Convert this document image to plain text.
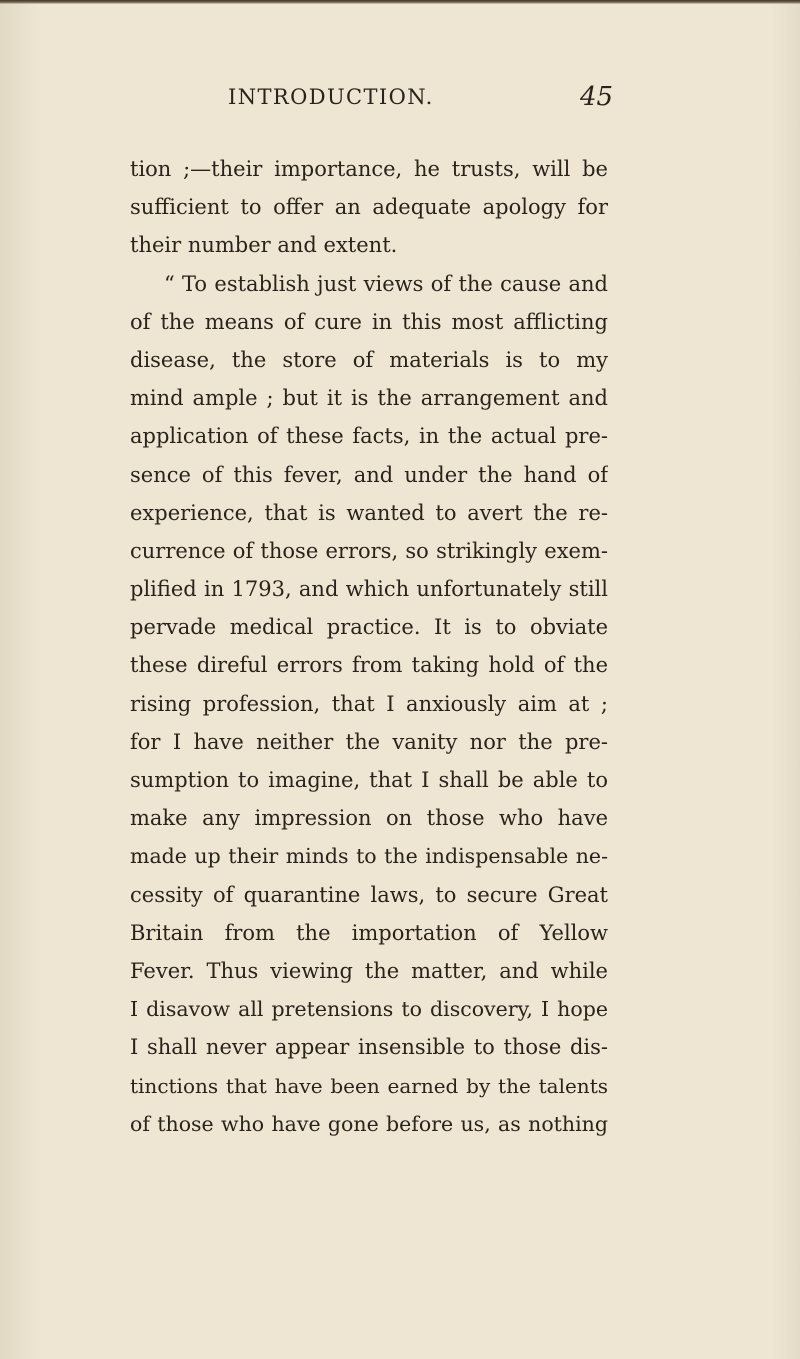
INTRODUCTION.	45
tion ;—their importance, he trusts, will be
sufficient to offer an adequate apology for
their number and extent.
“ To establish just views of the cause and
of the means of cure in this most afflicting
disease, the store of materials is to my
mind ample ; but it is the arrangement and
application of these facts, in the actual pre-
sence of this fever, and under the hand of
experience, that is wanted to avert the re-
currence of those errors, so strikingly exem-
plified in 1793, and which unfortunately still
pervade medical practice. It is to obviate
these direful errors from taking hold of the
rising profession, that I anxiously aim at ;
for I have neither the vanity nor the pre-
sumption to imagine, that I shall be able to
make any impression on those who have
made up their minds to the indispensable ne-
cessity of quarantine laws, to secure Great
Britain from the importation of Yellow
Fever. Thus viewing the matter, and while
I disavow all pretensions to discovery, I hope
I shall never appear insensible to those dis-
tinctions that have been earned by the talents
of those who have gone before us, as nothing
